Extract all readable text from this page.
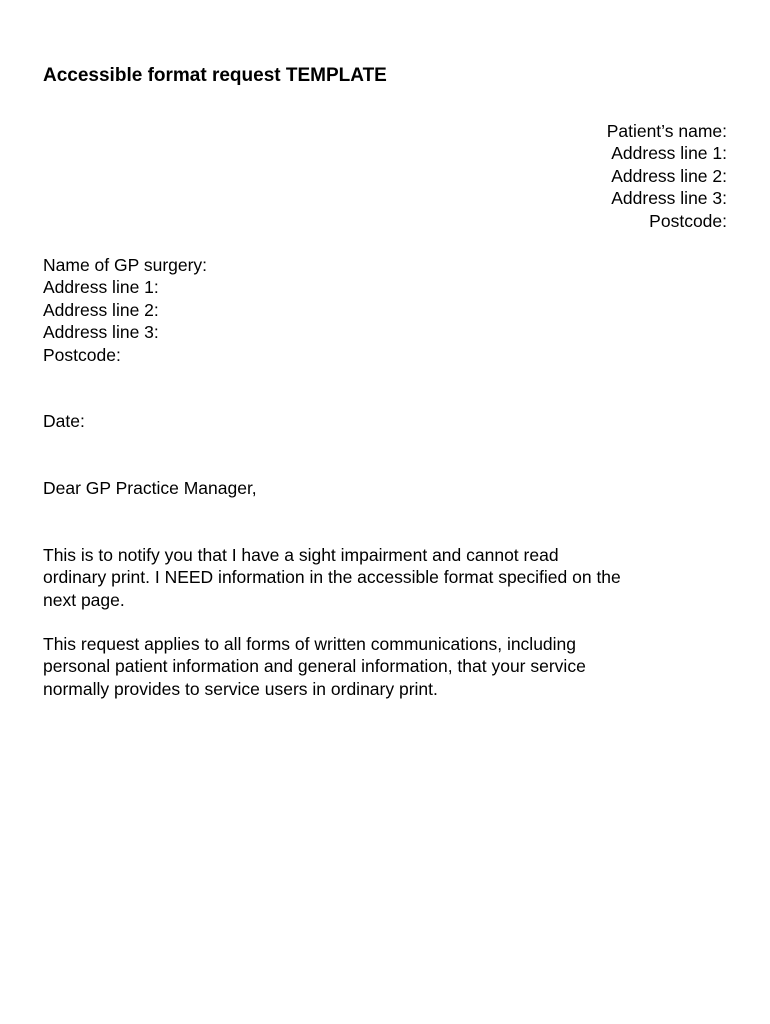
Accessible format request TEMPLATE
Patient’s name:
Address line 1:
Address line 2:
Address line 3:
Postcode:
Name of GP surgery:
Address line 1:
Address line 2:
Address line 3:
Postcode:
Date:
Dear GP Practice Manager,
This is to notify you that I have a sight impairment and cannot read
ordinary print. I NEED information in the accessible format specified on the
next page.
This request applies to all forms of written communications, including
personal patient information and general information, that your service
normally provides to service users in ordinary print.
